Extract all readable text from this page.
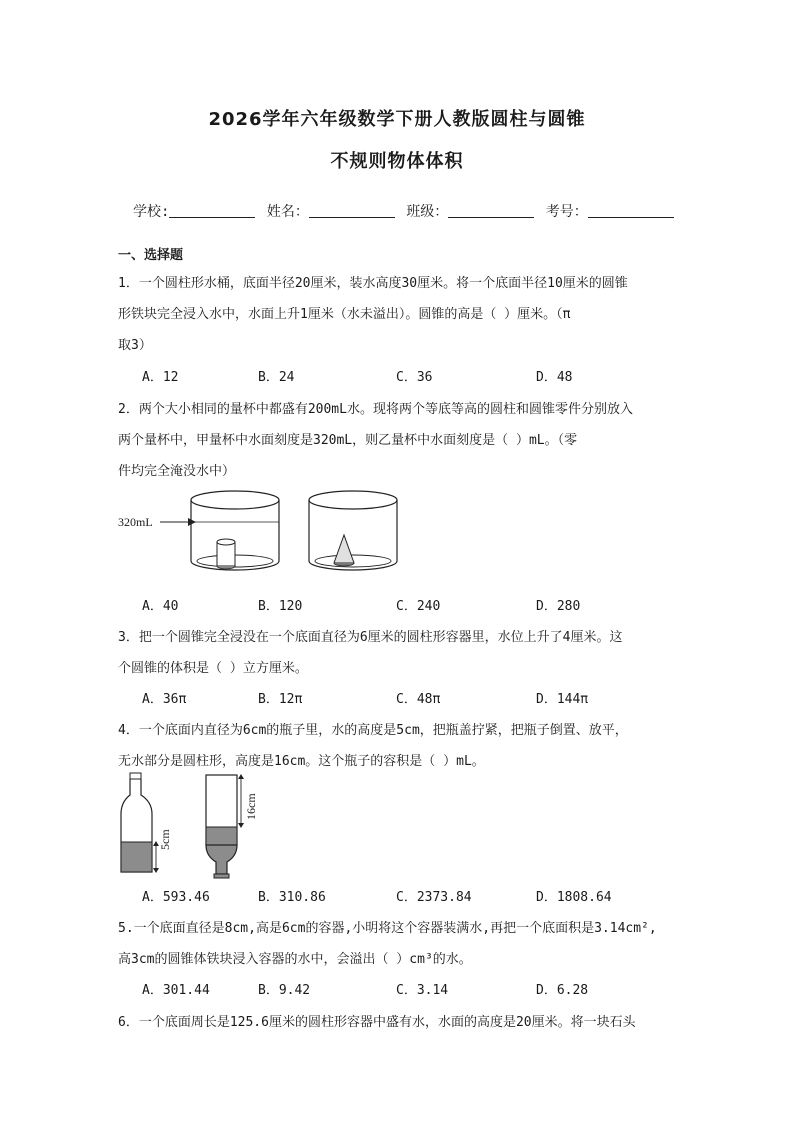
2026学年六年级数学下册人教版圆柱与圆锥
不规则物体体积
学校:	姓名：	班级：	考号：
一、选择题
1．一个圆柱形水桶，底面半径20厘米，装水高度30厘米。将一个底面半径10厘米的圆锥
形铁块完全浸入水中，水面上升1厘米（水未溢出）。圆锥的高是（ ）厘米。（π
取3）
A．12	B．24	C．36	D．48
2．两个大小相同的量杯中都盛有200mL水。现将两个等底等高的圆柱和圆锥零件分别放入
两个量杯中，甲量杯中水面刻度是320mL，则乙量杯中水面刻度是（ ）mL。（零
件均完全淹没水中）
320mL
A．40	B．120	C．240	D．280
3．把一个圆锥完全浸没在一个底面直径为6厘米的圆柱形容器里，水位上升了4厘米。这
个圆锥的体积是（ ）立方厘米。
A．36π	B．12π	C．48π	D．144π
4．一个底面内直径为6cm的瓶子里，水的高度是5cm，把瓶盖拧紧，把瓶子倒置、放平，
无水部分是圆柱形，高度是16cm。这个瓶子的容积是（ ）mL。
5cm
16cm
A．593.46	B．310.86	C．2373.84	D．1808.64
5.一个底面直径是8cm,高是6cm的容器,小明将这个容器装满水,再把一个底面积是3.14cm²,
高3cm的圆锥体铁块浸入容器的水中，会溢出（ ）cm³的水。
A．301.44	B．9.42	C．3.14	D．6.28
6．一个底面周长是125.6厘米的圆柱形容器中盛有水，水面的高度是20厘米。将一块石头
